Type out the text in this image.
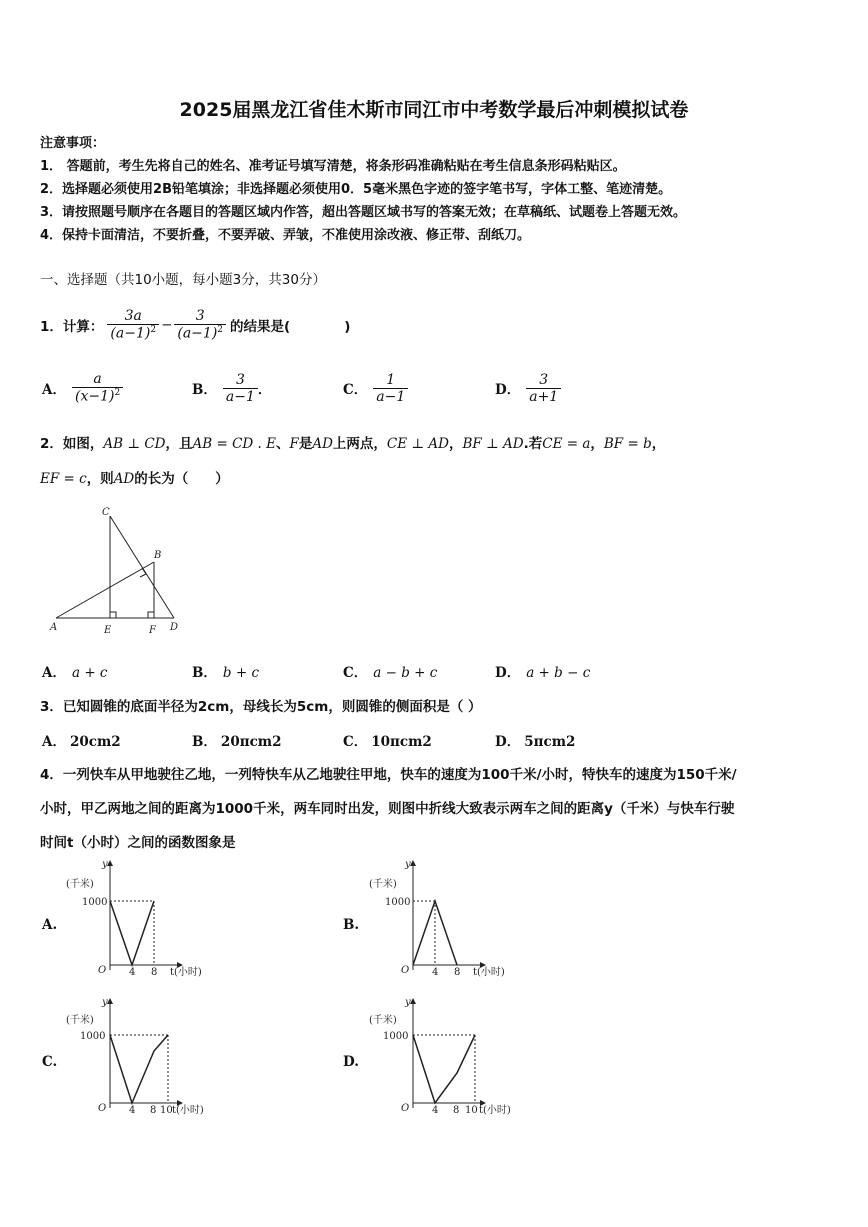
2025届黑龙江省佳木斯市同江市中考数学最后冲刺模拟试卷
注意事项：
1． 答题前，考生先将自己的姓名、准考证号填写清楚，将条形码准确粘贴在考生信息条形码粘贴区。
2．选择题必须使用2B铅笔填涂；非选择题必须使用0．5毫米黑色字迹的签字笔书写，字体工整、笔迹清楚。
3．请按照题号顺序在各题目的答题区域内作答，超出答题区域书写的答案无效；在草稿纸、试题卷上答题无效。
4．保持卡面清洁，不要折叠，不要弄破、弄皱，不准使用涂改液、修正带、刮纸刀。
一、选择题（共10小题，每小题3分，共30分）
1．计算： $\frac{3a}{(a-1)^2} - \frac{3}{(a-1)^2}$ 的结果是(　　　　)
A． $\frac{a}{(x-1)^2}$	B． $\frac{3}{a-1}$ ．	C． $\frac{1}{a-1}$	D． $\frac{3}{a+1}$
2．如图，AB ⊥ CD，且AB = CD . E、F是AD上两点，CE ⊥ AD，BF ⊥ AD.若CE = a，BF = b，
EF = c，则AD的长为（　　）
C
B
A	E	F D
A． a + c	B． b + c	C． a − b + c	D． a + b − c
3．已知圆锥的底面半径为2cm，母线长为5cm，则圆锥的侧面积是（ ）
A． 20cm2	B． 20πcm2	C． 10πcm2	D． 5πcm2
4．一列快车从甲地驶往乙地，一列特快车从乙地驶往甲地，快车的速度为100千米/小时，特快车的速度为150千米/
小时，甲乙两地之间的距离为1000千米，两车同时出发，则图中折线大致表示两车之间的距离y（千米）与快车行驶
时间t（小时）之间的函数图象是
A.	B.
C.	D.
y
(千米)
1000
O 4 8 t(小时)
y
(千米)
1000
O 4 8 t(小时)
y
(千米)
1000
O 4 8 10 t(小时)
y
(千米)
1000
O 4 8 10 t(小时)
